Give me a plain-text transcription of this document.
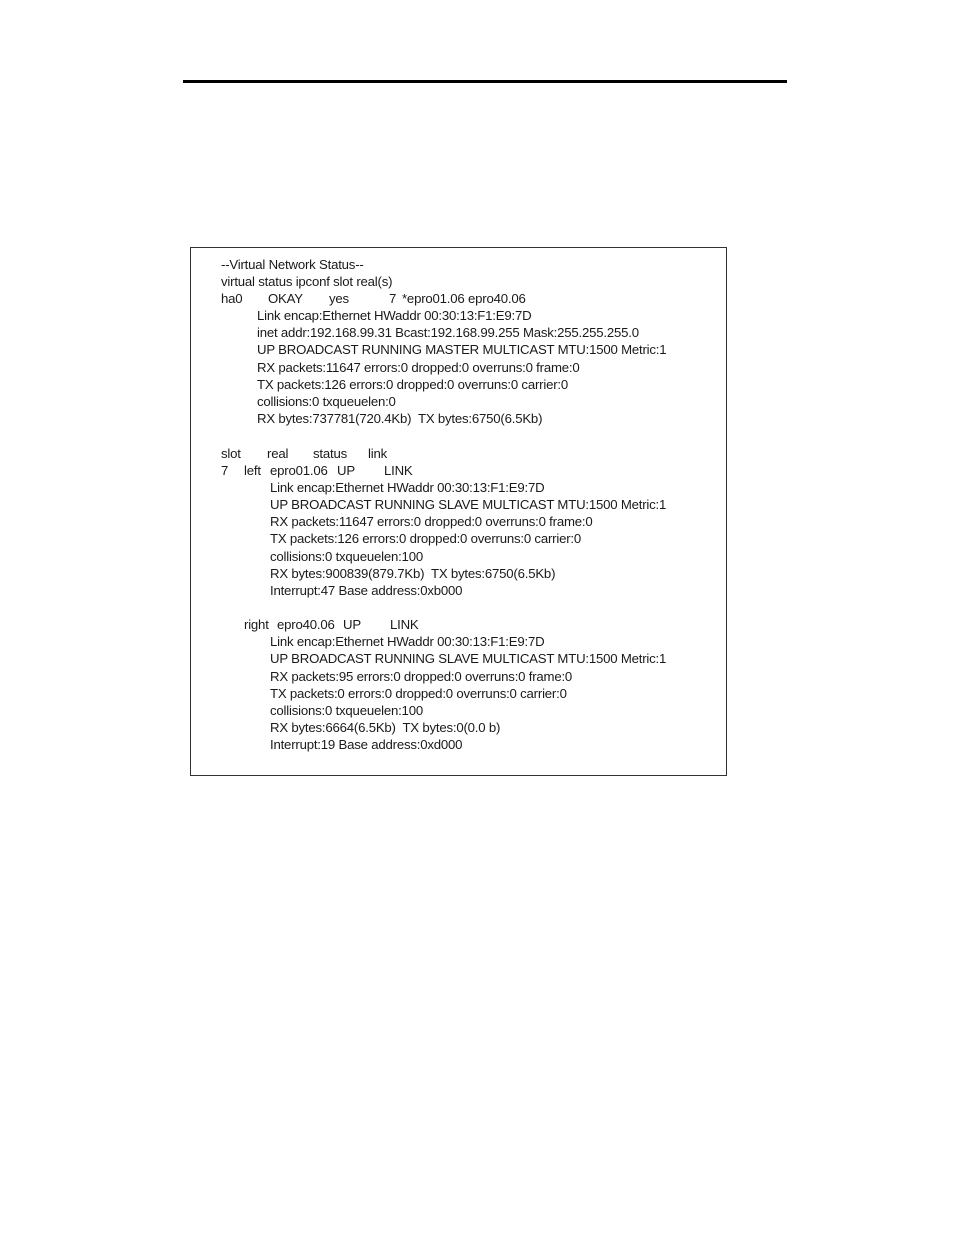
--Virtual Network Status--
virtual status ipconf slot real(s)
ha0 OKAY yes	7 *epro01.06 epro40.06
Link encap:Ethernet HWaddr 00:30:13:F1:E9:7D
inet addr:192.168.99.31 Bcast:192.168.99.255 Mask:255.255.255.0
UP BROADCAST RUNNING MASTER MULTICAST MTU:1500 Metric:1
RX packets:11647 errors:0 dropped:0 overruns:0 frame:0
TX packets:126 errors:0 dropped:0 overruns:0 carrier:0
collisions:0 txqueuelen:0
RX bytes:737781(720.4Kb)  TX bytes:6750(6.5Kb)
slot real status link
7 left epro01.06 UP LINK
Link encap:Ethernet HWaddr 00:30:13:F1:E9:7D
UP BROADCAST RUNNING SLAVE MULTICAST MTU:1500 Metric:1
RX packets:11647 errors:0 dropped:0 overruns:0 frame:0
TX packets:126 errors:0 dropped:0 overruns:0 carrier:0
collisions:0 txqueuelen:100
RX bytes:900839(879.7Kb)  TX bytes:6750(6.5Kb)
Interrupt:47 Base address:0xb000
right epro40.06 UP LINK
Link encap:Ethernet HWaddr 00:30:13:F1:E9:7D
UP BROADCAST RUNNING SLAVE MULTICAST MTU:1500 Metric:1
RX packets:95 errors:0 dropped:0 overruns:0 frame:0
TX packets:0 errors:0 dropped:0 overruns:0 carrier:0
collisions:0 txqueuelen:100
RX bytes:6664(6.5Kb)  TX bytes:0(0.0 b)
Interrupt:19 Base address:0xd000
